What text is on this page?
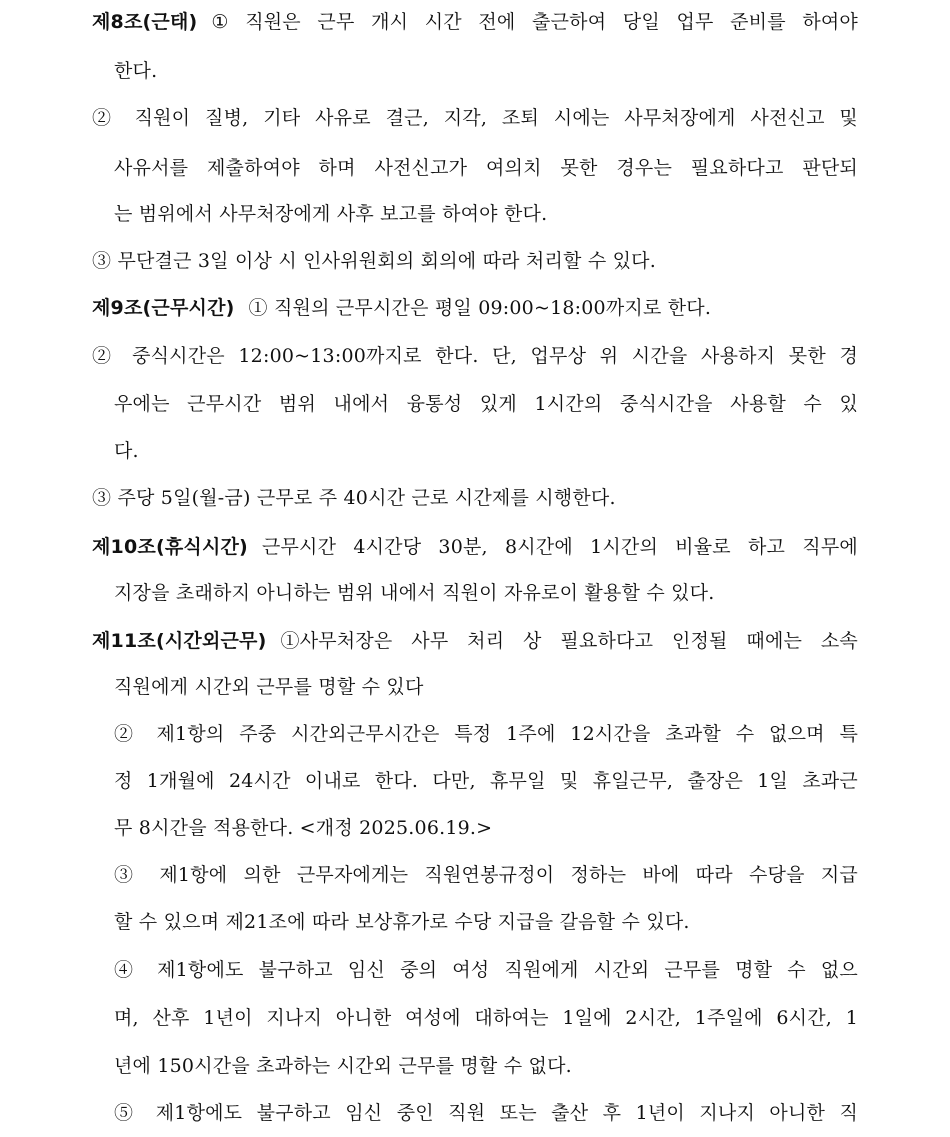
제8조(근태) ① 직원은 근무 개시 시간 전에 출근하여 당일 업무 준비를 하여야
한다.
② 직원이 질병, 기타 사유로 결근, 지각, 조퇴 시에는 사무처장에게 사전신고 및
사유서를 제출하여야 하며 사전신고가 여의치 못한 경우는 필요하다고 판단되
는 범위에서 사무처장에게 사후 보고를 하여야 한다.
③ 무단결근 3일 이상 시 인사위원회의 회의에 따라 처리할 수 있다.
제9조(근무시간) ① 직원의 근무시간은 평일 09:00~18:00까지로 한다.
② 중식시간은 12:00~13:00까지로 한다. 단, 업무상 위 시간을 사용하지 못한 경
우에는 근무시간 범위 내에서 융통성 있게 1시간의 중식시간을 사용할 수 있
다.
③ 주당 5일(월-금) 근무로 주 40시간 근로 시간제를 시행한다.
제10조(휴식시간) 근무시간 4시간당 30분, 8시간에 1시간의 비율로 하고 직무에
지장을 초래하지 아니하는 범위 내에서 직원이 자유로이 활용할 수 있다.
제11조(시간외근무) ①사무처장은 사무 처리 상 필요하다고 인정될 때에는 소속
직원에게 시간외 근무를 명할 수 있다
② 제1항의 주중 시간외근무시간은 특정 1주에 12시간을 초과할 수 없으며 특
정 1개월에 24시간 이내로 한다. 다만, 휴무일 및 휴일근무, 출장은 1일 초과근
무 8시간을 적용한다. <개정 2025.06.19.>
③ 제1항에 의한 근무자에게는 직원연봉규정이 정하는 바에 따라 수당을 지급
할 수 있으며 제21조에 따라 보상휴가로 수당 지급을 갈음할 수 있다.
④ 제1항에도 불구하고 임신 중의 여성 직원에게 시간외 근무를 명할 수 없으
며, 산후 1년이 지나지 아니한 여성에 대하여는 1일에 2시간, 1주일에 6시간, 1
년에 150시간을 초과하는 시간외 근무를 명할 수 없다.
⑤ 제1항에도 불구하고 임신 중인 직원 또는 출산 후 1년이 지나지 아니한 직
